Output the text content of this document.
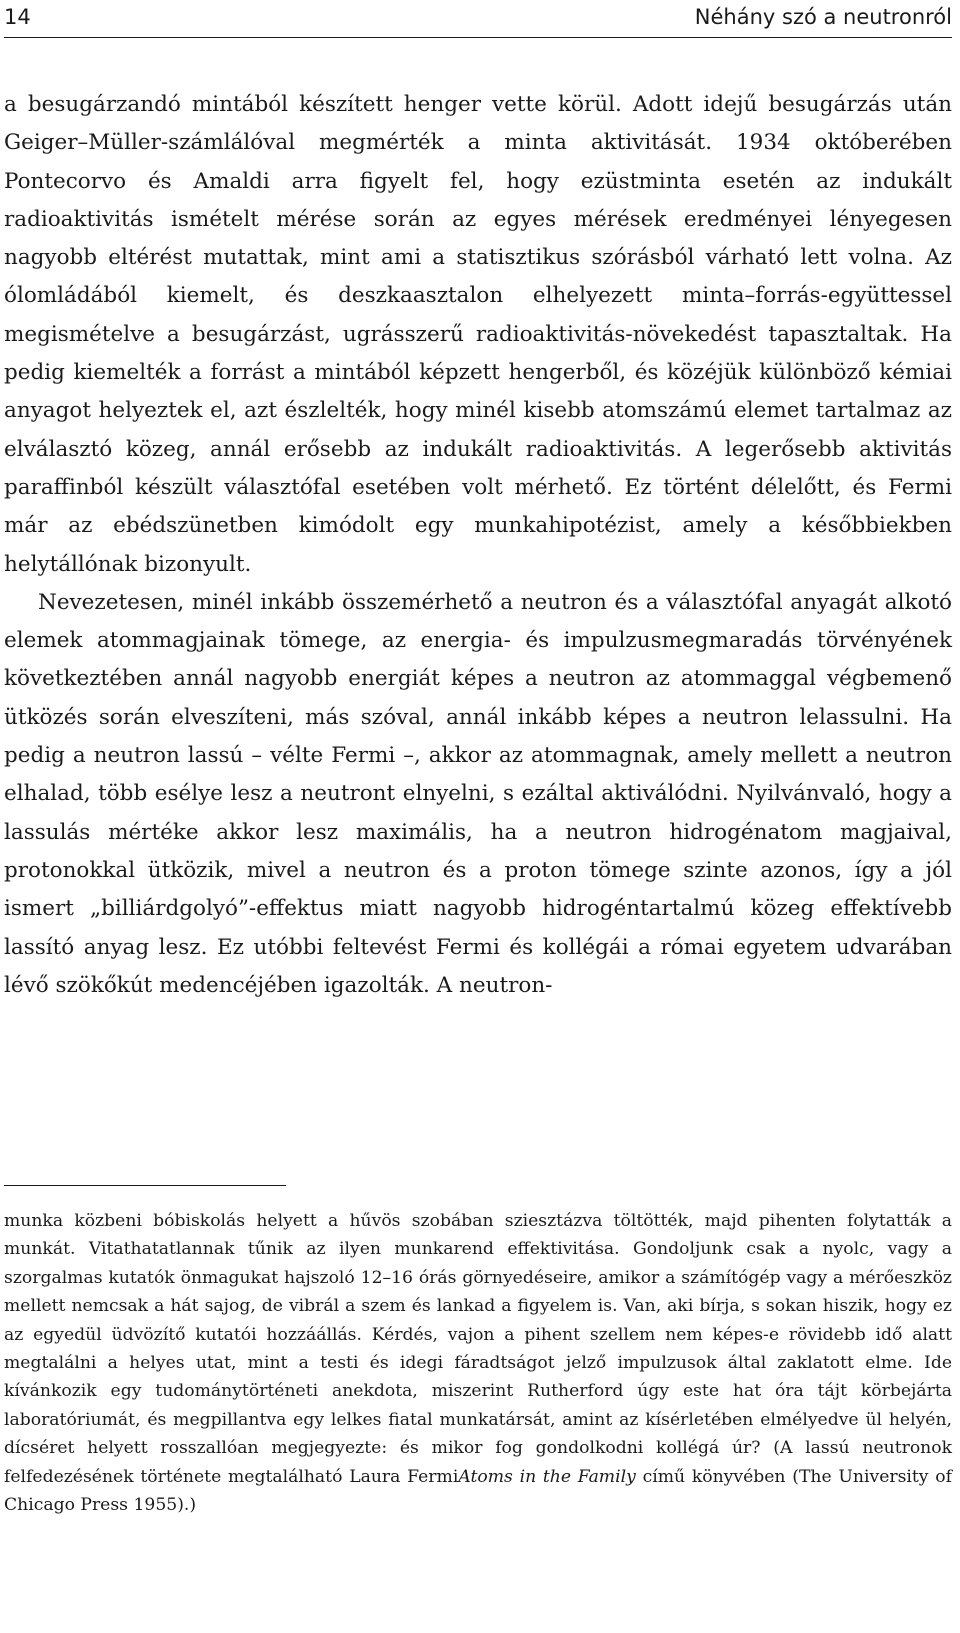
14	Néhány szó a neutronról

a besugárzandó mintából készített henger vette körül. Adott idejű besugárzás után Geiger–Müller-számlálóval megmérték a minta aktivitását. 1934 októberében Pontecorvo és Amaldi arra figyelt fel, hogy ezüstminta esetén az indukált radioaktivitás ismételt mérése során az egyes mérések eredményei lényegesen nagyobb eltérést mutattak, mint ami a statisztikus szórásból várható lett volna. Az ólomládából kiemelt, és deszkaasztalon elhelyezett minta–forrás-együttessel megismételve a besugárzást, ugrásszerű radioaktivitás-növekedést tapasztaltak. Ha pedig kiemelték a forrást a mintából képzett hengerből, és közéjük különböző kémiai anyagot helyeztek el, azt észlelték, hogy minél kisebb atomszámú elemet tartalmaz az elválasztó közeg, annál erősebb az indukált radioaktivitás. A legerősebb aktivitás paraffinból készült választófal esetében volt mérhető. Ez történt délelőtt, és Fermi már az ebédszünetben kimódolt egy munkahipotézist, amely a későbbiekben helytállónak bizonyult.

Nevezetesen, minél inkább összemérhető a neutron és a választófal anyagát alkotó elemek atommagjainak tömege, az energia- és impulzusmegmaradás törvényének következtében annál nagyobb energiát képes a neutron az atommaggal végbemenő ütközés során elveszíteni, más szóval, annál inkább képes a neutron lelassulni. Ha pedig a neutron lassú – vélte Fermi –, akkor az atommagnak, amely mellett a neutron elhalad, több esélye lesz a neutront elnyelni, s ezáltal aktiválódni. Nyilvánvaló, hogy a lassulás mértéke akkor lesz maximális, ha a neutron hidrogénatom magjaival, protonokkal ütközik, mivel a neutron és a proton tömege szinte azonos, így a jól ismert „billiárdgolyó”-effektus miatt nagyobb hidrogéntartalmú közeg effektívebb lassító anyag lesz. Ez utóbbi feltevést Fermi és kollégái a római egyetem udvarában lévő szökőkút medencéjében igazolták. A neutron-

munka közbeni bóbiskolás helyett a hűvös szobában sziesztázva töltötték, majd pihenten folytatták a munkát. Vitathatatlannak tűnik az ilyen munkarend effektivitása. Gondoljunk csak a nyolc, vagy a szorgalmas kutatók önmagukat hajszoló 12–16 órás görnyedéseire, amikor a számítógép vagy a mérőeszköz mellett nemcsak a hát sajog, de vibrál a szem és lankad a figyelem is. Van, aki bírja, s sokan hiszik, hogy ez az egyedül üdvözítő kutatói hozzáállás. Kérdés, vajon a pihent szellem nem képes-e rövidebb idő alatt megtalálni a helyes utat, mint a testi és idegi fáradtságot jelző impulzusok által zaklatott elme. Ide kívánkozik egy tudománytörténeti anekdota, miszerint Rutherford úgy este hat óra tájt körbejárta laboratóriumát, és megpillantva egy lelkes fiatal munkatársát, amint az kísérletében elmélyedve ül helyén, dícséret helyett rosszallóan megjegyezte: és mikor fog gondolkodni kollégá úr? (A lassú neutronok felfedezésének története megtalálható Laura FermiAtoms in the Family című könyvében (The University of Chicago Press 1955).)
